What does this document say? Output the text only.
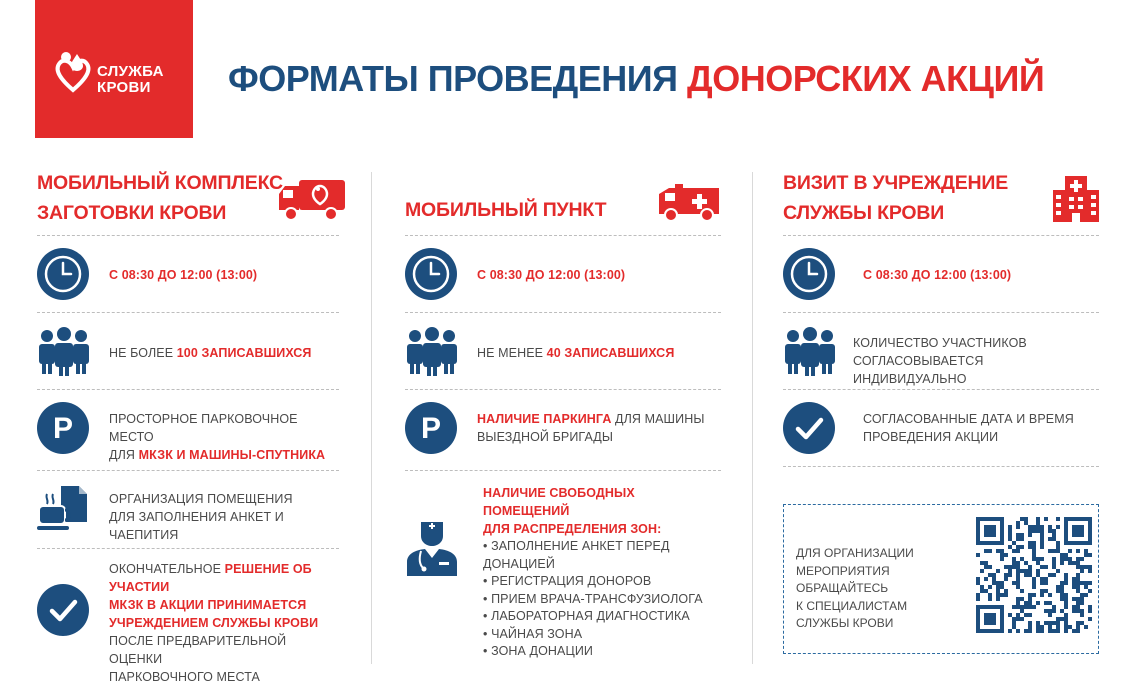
СЛУЖБА
КРОВИ	ФОРМАТЫ ПРОВЕДЕНИЯ ДОНОРСКИХ АКЦИЙ
МОБИЛЬНЫЙ КОМПЛЕКС
ЗАГОТОВКИ КРОВИ
С 08:30 ДО 12:00 (13:00)
НЕ БОЛЕЕ 100 ЗАПИСАВШИХСЯ
P	ПРОСТОРНОЕ ПАРКОВОЧНОЕ МЕСТО
ДЛЯ МКЗК И МАШИНЫ-СПУТНИКА
ОРГАНИЗАЦИЯ ПОМЕЩЕНИЯ
ДЛЯ ЗАПОЛНЕНИЯ АНКЕТ И ЧАЕПИТИЯ
ОКОНЧАТЕЛЬНОЕ РЕШЕНИЕ ОБ УЧАСТИИ
МКЗК В АКЦИИ ПРИНИМАЕТСЯ
УЧРЕЖДЕНИЕМ СЛУЖБЫ КРОВИ
ПОСЛЕ ПРЕДВАРИТЕЛЬНОЙ ОЦЕНКИ
ПАРКОВОЧНОГО МЕСТА
МОБИЛЬНЫЙ ПУНКТ
С 08:30 ДО 12:00 (13:00)
НЕ МЕНЕЕ 40 ЗАПИСАВШИХСЯ
P	НАЛИЧИЕ ПАРКИНГА ДЛЯ МАШИНЫ
ВЫЕЗДНОЙ БРИГАДЫ
НАЛИЧИЕ СВОБОДНЫХ ПОМЕЩЕНИЙ
ДЛЯ РАСПРЕДЕЛЕНИЯ ЗОН:
• ЗАПОЛНЕНИЕ АНКЕТ ПЕРЕД ДОНАЦИЕЙ
• РЕГИСТРАЦИЯ ДОНОРОВ
• ПРИЕМ ВРАЧА-ТРАНСФУЗИОЛОГА
• ЛАБОРАТОРНАЯ ДИАГНОСТИКА
• ЧАЙНАЯ ЗОНА
• ЗОНА ДОНАЦИИ
ВИЗИТ В УЧРЕЖДЕНИЕ
СЛУЖБЫ КРОВИ
С 08:30 ДО 12:00 (13:00)
КОЛИЧЕСТВО УЧАСТНИКОВ
СОГЛАСОВЫВАЕТСЯ ИНДИВИДУАЛЬНО
СОГЛАСОВАННЫЕ ДАТА И ВРЕМЯ
ПРОВЕДЕНИЯ АКЦИИ
ДЛЯ ОРГАНИЗАЦИИ
МЕРОПРИЯТИЯ ОБРАЩАЙТЕСЬ
К СПЕЦИАЛИСТАМ
СЛУЖБЫ КРОВИ
